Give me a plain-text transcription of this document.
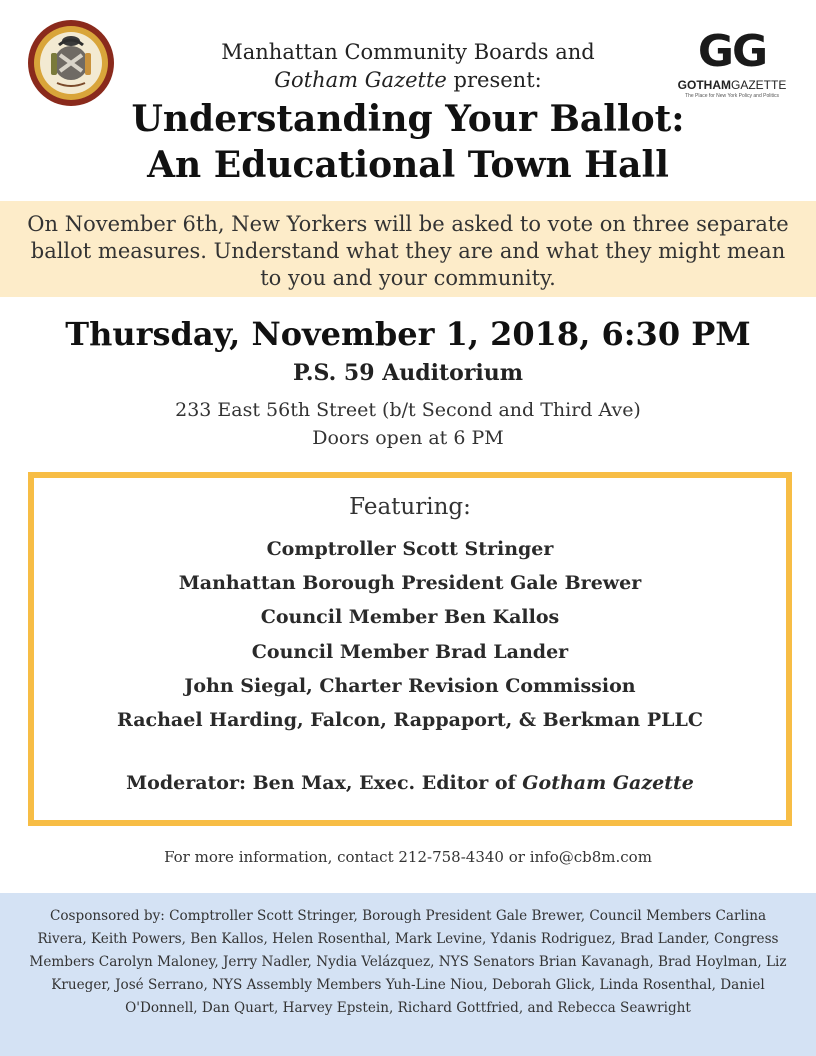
GG
GOTHAMGAZETTE
The Place for New York Policy and Politics
Manhattan Community Boards and
Gotham Gazette present:
Understanding Your Ballot:
An Educational Town Hall
On November 6th, New Yorkers will be asked to vote on three separate ballot measures. Understand what they are and what they might mean to you and your community.
Thursday, November 1, 2018, 6:30 PM
P.S. 59 Auditorium
233 East 56th Street (b/t Second and Third Ave)
Doors open at 6 PM
Featuring:
Comptroller Scott Stringer
Manhattan Borough President Gale Brewer
Council Member Ben Kallos
Council Member Brad Lander
John Siegal, Charter Revision Commission
Rachael Harding, Falcon, Rappaport, & Berkman PLLC
Moderator: Ben Max, Exec. Editor of Gotham Gazette
For more information, contact 212-758-4340 or info@cb8m.com
Cosponsored by: Comptroller Scott Stringer, Borough President Gale Brewer, Council Members Carlina Rivera, Keith Powers, Ben Kallos, Helen Rosenthal, Mark Levine, Ydanis Rodriguez, Brad Lander, Congress Members Carolyn Maloney, Jerry Nadler, Nydia Velázquez, NYS Senators Brian Kavanagh, Brad Hoylman, Liz Krueger, José Serrano, NYS Assembly Members Yuh-Line Niou, Deborah Glick, Linda Rosenthal, Daniel O'Donnell, Dan Quart, Harvey Epstein, Richard Gottfried, and Rebecca Seawright
